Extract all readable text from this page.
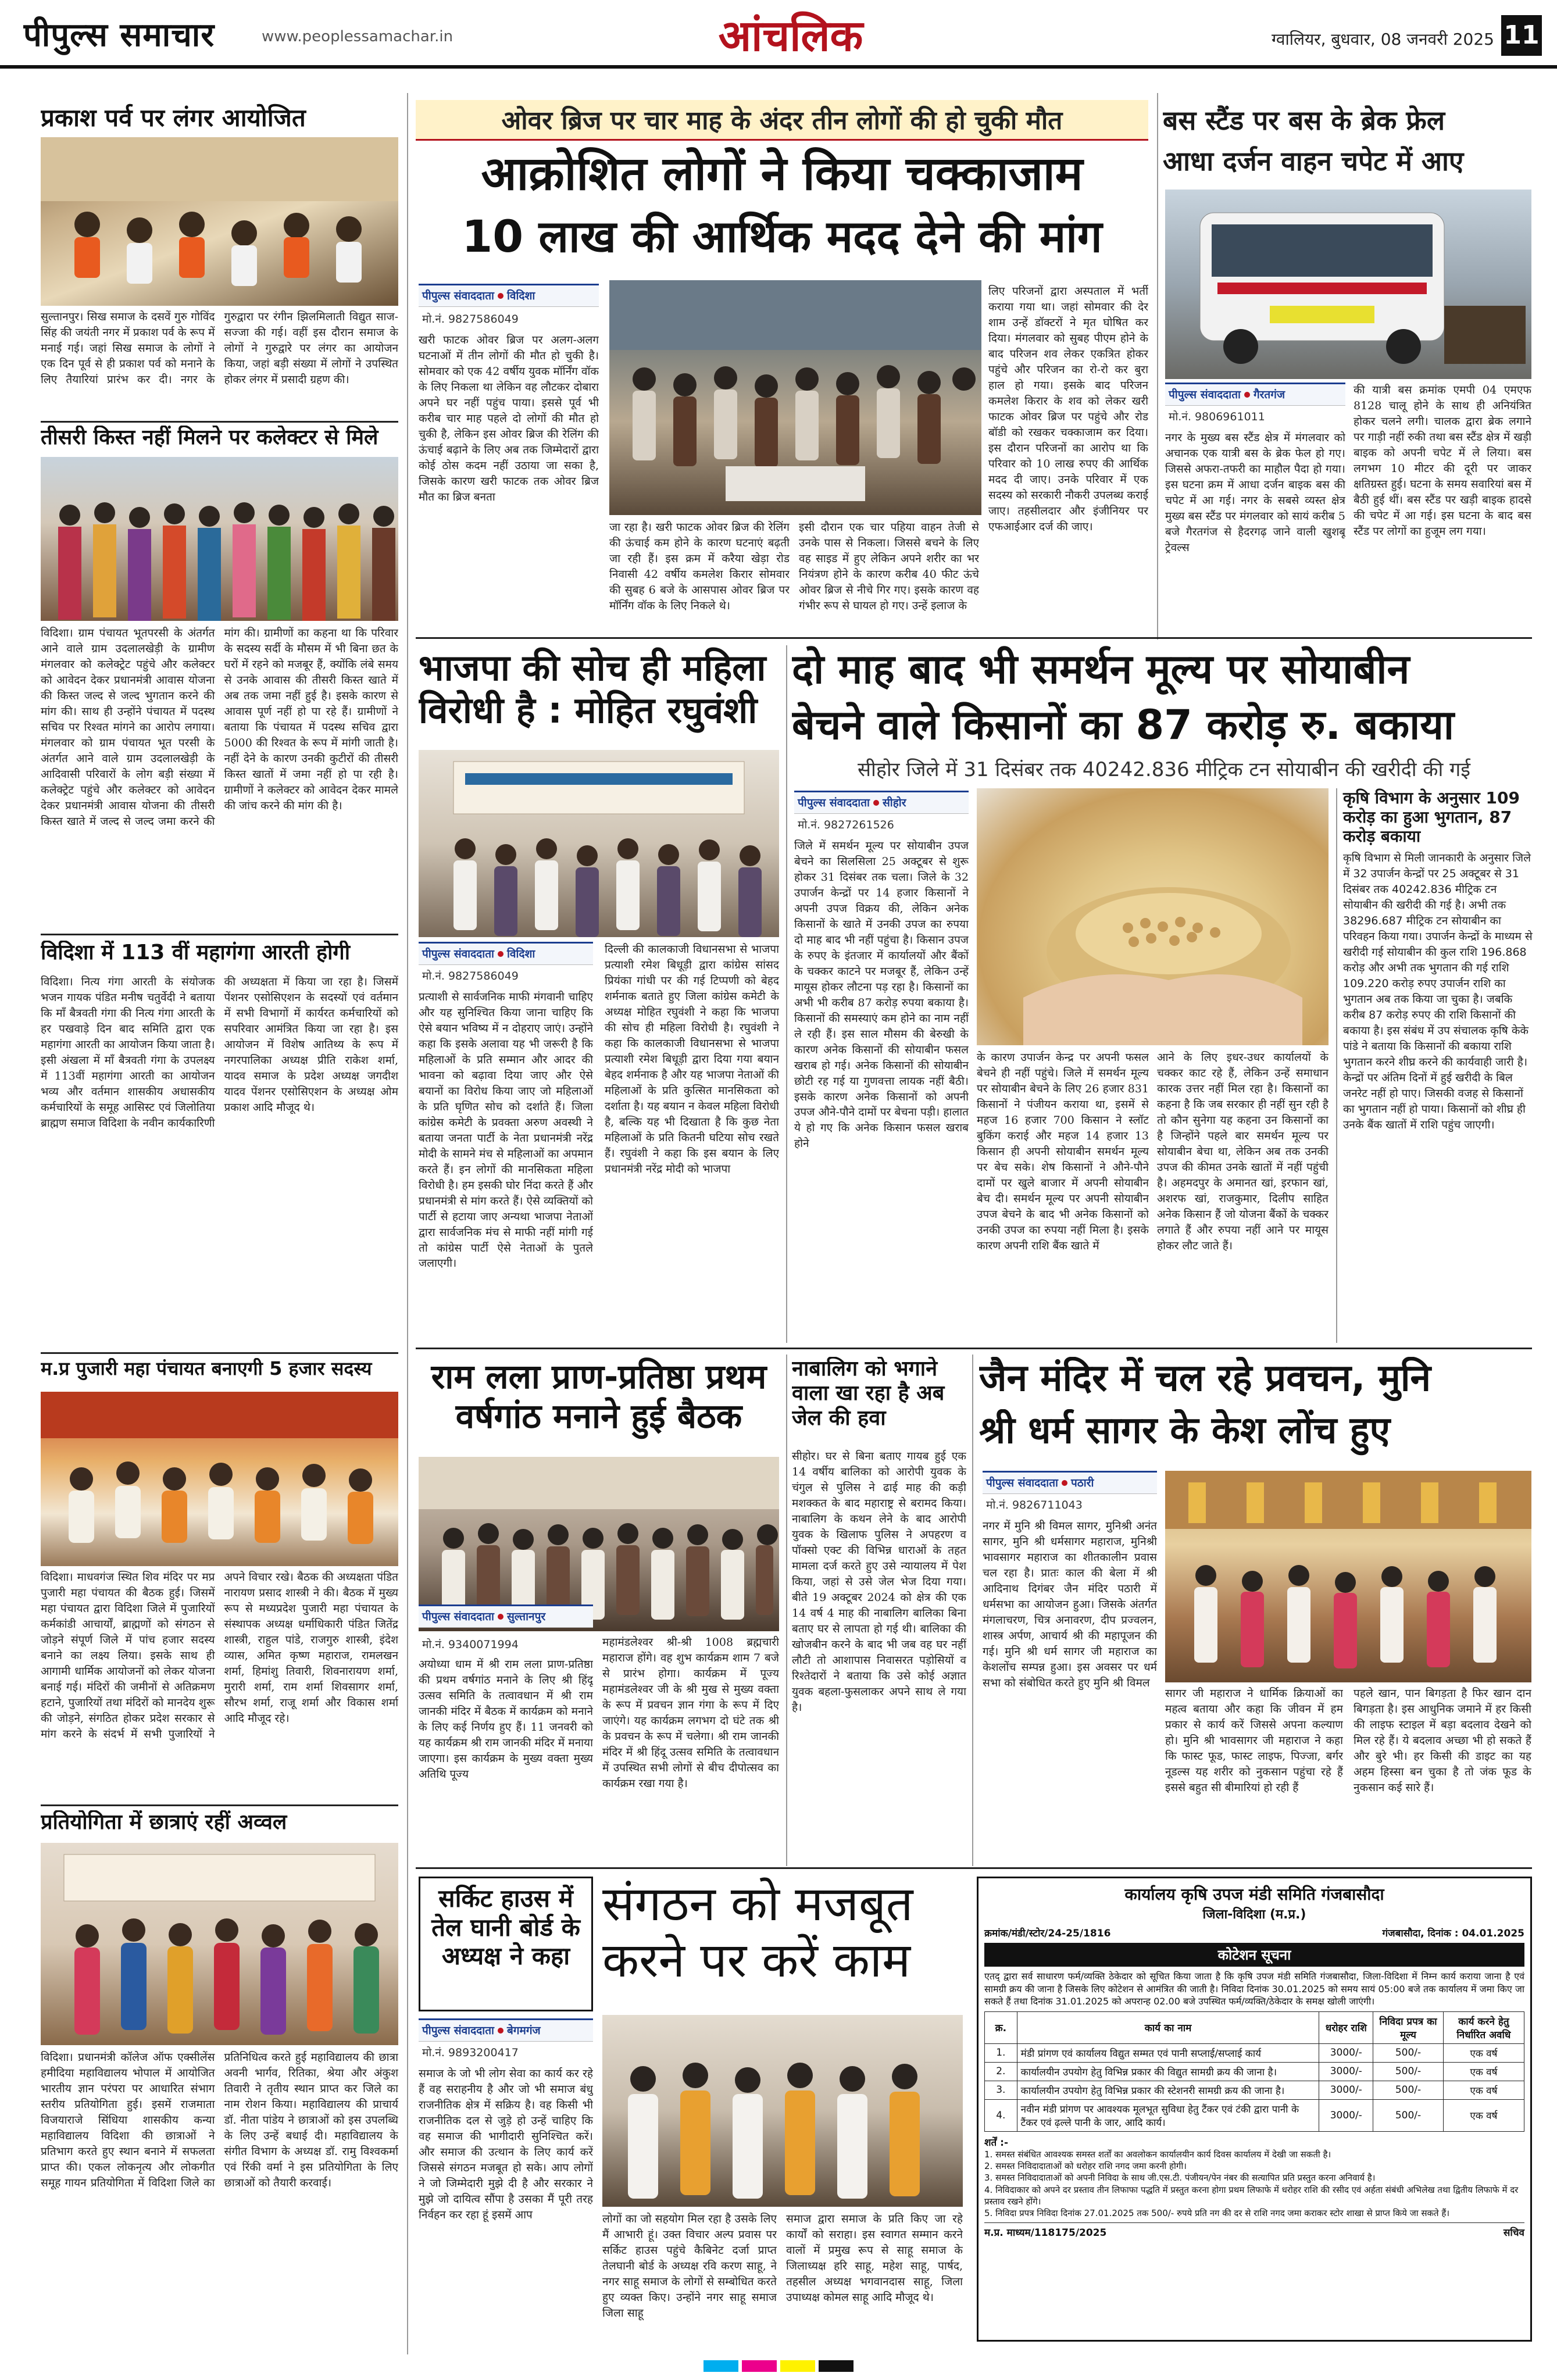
पीपुल्स समाचार	www.peoplessamachar.in	आंचलिक	ग्वालियर, बुधवार, 08 जनवरी 2025 11
प्रकाश पर्व पर लंगर आयोजित
सुल्तानपुर। सिख समाज के दसवें गुरु गोविंद सिंह की जयंती नगर में प्रकाश पर्व के रूप में मनाई गई। जहां सिख समाज के लोगों ने एक दिन पूर्व से ही प्रकाश पर्व को मनाने के लिए तैयारियां प्रारंभ कर दी। नगर के गुरुद्वारा पर रंगीन झिलमिलाती विद्युत साज-सज्जा की गई। वहीं इस दौरान समाज के लोगों ने गुरुद्वारे पर लंगर का आयोजन किया, जहां बड़ी संख्या में लोगों ने उपस्थित होकर लंगर में प्रसादी ग्रहण की।
तीसरी किस्त नहीं मिलने पर कलेक्टर से मिले
विदिशा। ग्राम पंचायत भूतपरसी के अंतर्गत आने वाले ग्राम उदलालखेड़ी के ग्रामीण मंगलवार को कलेक्ट्रेट पहुंचे और कलेक्टर को आवेदन देकर प्रधानमंत्री आवास योजना की किस्त जल्द से जल्द भुगतान करने की मांग की। साथ ही उन्होंने पंचायत में पदस्थ सचिव पर रिश्वत मांगने का आरोप लगाया। मंगलवार को ग्राम पंचायत भूत परसी के अंतर्गत आने वाले ग्राम उदलालखेड़ी के आदिवासी परिवारों के लोग बड़ी संख्या में कलेक्ट्रेट पहुंचे और कलेक्टर को आवेदन देकर प्रधानमंत्री आवास योजना की तीसरी किस्त खाते में जल्द से जल्द जमा करने की मांग की। ग्रामीणों का कहना था कि परिवार के सदस्य सर्दी के मौसम में भी बिना छत के घरों में रहने को मजबूर हैं, क्योंकि लंबे समय से उनके आवास की तीसरी किस्त खाते में अब तक जमा नहीं हुई है। इसके कारण से आवास पूर्ण नहीं हो पा रहे हैं। ग्रामीणों ने बताया कि पंचायत में पदस्थ सचिव द्वारा 5000 की रिश्वत के रूप में मांगी जाती है। नहीं देने के कारण उनकी कुटीरों की तीसरी किस्त खातों में जमा नहीं हो पा रही है। ग्रामीणों ने कलेक्टर को आवेदन देकर मामले की जांच करने की मांग की है।
विदिशा में 113 वीं महागंगा आरती होगी
विदिशा। नित्य गंगा आरती के संयोजक भजन गायक पंडित मनीष चतुर्वेदी ने बताया कि माँ बैत्रवती गंगा की नित्य गंगा आरती के हर पखवाड़े दिन बाद समिति द्वारा एक महागंगा आरती का आयोजन किया जाता है। इसी अंखला में माँ बैत्रवती गंगा के उपलक्ष्य में 113वीं महागंगा आरती का आयोजन भव्य और वर्तमान शासकीय अधासकीय कर्मचारियों के समूह आसिस्ट एवं जिलोतिया ब्राह्मण समाज विदिशा के नवीन कार्यकारिणी की अध्यक्षता में किया जा रहा है। जिसमें पेंशनर एसोसिएशन के सदस्यों एवं वर्तमान में सभी विभागों में कार्यरत कर्मचारियों को सपरिवार आमंत्रित किया जा रहा है। इस आयोजन में विशेष आतिथ्य के रूप में नगरपालिका अध्यक्ष प्रीति राकेश शर्मा, यादव समाज के प्रदेश अध्यक्ष जगदीश यादव पेंशनर एसोसिएशन के अध्यक्ष ओम प्रकाश आदि मौजूद थे।
म.प्र पुजारी महा पंचायत बनाएगी 5 हजार सदस्य
विदिशा। माधवगंज स्थित शिव मंदिर पर मप्र पुजारी महा पंचायत की बैठक हुई। जिसमें महा पंचायत द्वारा विदिशा जिले में पुजारियों कर्मकांडी आचार्यों, ब्राह्मणों को संगठन से जोड़ने संपूर्ण जिले में पांच हजार सदस्य बनाने का लक्ष्य लिया। इसके साथ ही आगामी धार्मिक आयोजनों को लेकर योजना बनाई गई। मंदिरों की जमीनों से अतिक्रमण हटाने, पुजारियों तथा मंदिरों को मानदेय शुरू की जोड़ने, संगठित होकर प्रदेश सरकार से मांग करने के संदर्भ में सभी पुजारियों ने अपने विचार रखे। बैठक की अध्यक्षता पंडित नारायण प्रसाद शास्त्री ने की। बैठक में मुख्य रूप से मध्यप्रदेश पुजारी महा पंचायत के संस्थापक अध्यक्ष धर्माधिकारी पंडित जितेंद्र शास्त्री, राहुल पांडे, राजगुरु शास्त्री, इंदेश व्यास, अमित कृष्ण महाराज, रामलखन शर्मा, हिमांशु तिवारी, शिवनारायण शर्मा, मुरारी शर्मा, राम शर्मा शिवसागर शर्मा, सौरभ शर्मा, राजू शर्मा और विकास शर्मा आदि मौजूद रहे।
प्रतियोगिता में छात्राएं रहीं अव्वल
विदिशा। प्रधानमंत्री कॉलेज ऑफ एक्सीलेंस हमीदिया महाविद्यालय भोपाल में आयोजित भारतीय ज्ञान परंपरा पर आधारित संभाग स्तरीय प्रतियोगिता हुई। इसमें राजमाता विजयाराजे सिंधिया शासकीय कन्या महाविद्यालय विदिशा की छात्राओं ने प्रतिभाग करते हुए स्थान बनाने में सफलता प्राप्त की। एकल लोकनृत्य और लोकगीत समूह गायन प्रतियोगिता में विदिशा जिले का प्रतिनिधित्व करते हुई महाविद्यालय की छात्रा अवनी भार्गव, रितिका, श्रेया और अंकुश तिवारी ने तृतीय स्थान प्राप्त कर जिले का नाम रोशन किया। महाविद्यालय की प्राचार्य डॉ. नीता पांडेय ने छात्राओं को इस उपलब्धि के लिए उन्हें बधाई दी। महाविद्यालय के संगीत विभाग के अध्यक्ष डॉ. रामु विश्वकर्मा एवं रिंकी वर्मा ने इस प्रतियोगिता के लिए छात्राओं को तैयारी करवाई।
ओवर ब्रिज पर चार माह के अंदर तीन लोगों की हो चुकी मौत
आक्रोशित लोगों ने किया चक्काजाम
10 लाख की आर्थिक मदद देने की मांग
पीपुल्स संवाददाता विदिशा
मो.नं. 9827586049
खरी फाटक ओवर ब्रिज पर अलग-अलग घटनाओं में तीन लोगों की मौत हो चुकी है। सोमवार को एक 42 वर्षीय युवक मॉर्निंग वॉक के लिए निकला था लेकिन वह लौटकर दोबारा अपने घर नहीं पहुंच पाया। इससे पूर्व भी करीब चार माह पहले दो लोगों की मौत हो चुकी है, लेकिन इस ओवर ब्रिज की रेलिंग की ऊंचाई बढ़ाने के लिए अब तक जिम्मेदारों द्वारा कोई ठोस कदम नहीं उठाया जा सका है, जिसके कारण खरी फाटक तक ओवर ब्रिज मौत का ब्रिज बनता
जा रहा है। खरी फाटक ओवर ब्रिज की रेलिंग की ऊंचाई कम होने के कारण घटनाएं बढ़ती जा रही हैं। इस क्रम में करैया खेड़ा रोड निवासी 42 वर्षीय कमलेश किरार सोमवार की सुबह 6 बजे के आसपास ओवर ब्रिज पर मॉर्निंग वॉक के लिए निकले थे।
इसी दौरान एक चार पहिया वाहन तेजी से उनके पास से निकला। जिससे बचने के लिए वह साइड में हुए लेकिन अपने शरीर का भर नियंत्रण होने के कारण करीब 40 फीट ऊंचे ओवर ब्रिज से नीचे गिर गए। इसके कारण वह गंभीर रूप से घायल हो गए। उन्हें इलाज के
लिए परिजनों द्वारा अस्पताल में भर्ती कराया गया था। जहां सोमवार की देर शाम उन्हें डॉक्टरों ने मृत घोषित कर दिया। मंगलवार को सुबह पीएम होने के बाद परिजन शव लेकर एकत्रित होकर पहुंचे और परिजन का रो-रो कर बुरा हाल हो गया। इसके बाद परिजन कमलेश किरार के शव को लेकर खरी फाटक ओवर ब्रिज पर पहुंचे और रोड बॉडी को रखकर चक्काजाम कर दिया। इस दौरान परिजनों का आरोप था कि परिवार को 10 लाख रुपए की आर्थिक मदद दी जाए। उनके परिवार में एक सदस्य को सरकारी नौकरी उपलब्ध कराई जाए। तहसीलदार और इंजीनियर पर एफआईआर दर्ज की जाए।
बस स्टैंड पर बस के ब्रेक फ्रेल
आधा दर्जन वाहन चपेट में आए
पीपुल्स संवाददाता गैरतगंज
मो.नं. 9806961011
नगर के मुख्य बस स्टैंड क्षेत्र में मंगलवार को अचानक एक यात्री बस के ब्रेक फेल हो गए। जिससे अफरा-तफरी का माहौल पैदा हो गया। इस घटना क्रम में आधा दर्जन बाइक बस की चपेट में आ गई। नगर के सबसे व्यस्त क्षेत्र मुख्य बस स्टैंड पर मंगलवार को सायं करीब 5 बजे गैरतगंज से हैदरगढ़ जाने वाली खुशबू ट्रेवल्स
की यात्री बस क्रमांक एमपी 04 एमएफ 8128 चालू होने के साथ ही अनियंत्रित होकर चलने लगी। चालक द्वारा ब्रेक लगाने पर गाड़ी नहीं रुकी तथा बस स्टैंड क्षेत्र में खड़ी बाइक को अपनी चपेट में ले लिया। बस लगभग 10 मीटर की दूरी पर जाकर क्षतिग्रस्त हुई। घटना के समय सवारियां बस में बैठी हुई थीं। बस स्टैंड पर खड़ी बाइक हादसे की चपेट में आ गई। इस घटना के बाद बस स्टैंड पर लोगों का हुजूम लग गया।
भाजपा की सोच ही महिला विरोधी है : मोहित रघुवंशी
पीपुल्स संवाददाता विदिशा
मो.नं. 9827586049
दिल्ली की कालकाजी विधानसभा से भाजपा प्रत्याशी रमेश बिधूड़ी द्वारा कांग्रेस सांसद प्रियंका गांधी पर की गई टिप्पणी को बेहद शर्मनाक बताते हुए जिला कांग्रेस कमेटी के अध्यक्ष मोहित रघुवंशी ने कहा कि भाजपा की सोच ही महिला विरोधी है। रघुवंशी ने कहा कि कालकाजी विधानसभा से भाजपा प्रत्याशी रमेश बिधूड़ी द्वारा दिया गया बयान बेहद शर्मनाक है और यह भाजपा नेताओं की महिलाओं के प्रति कुत्सित मानसिकता को दर्शाता है। यह बयान न केवल महिला विरोधी है, बल्कि यह भी दिखाता है कि कुछ नेता महिलाओं के प्रति कितनी घटिया सोच रखते हैं। रघुवंशी ने कहा कि इस बयान के लिए प्रधानमंत्री नरेंद्र मोदी को भाजपा
प्रत्याशी से सार्वजनिक माफी मंगवानी चाहिए और यह सुनिश्चित किया जाना चाहिए कि ऐसे बयान भविष्य में न दोहराए जाएं। उन्होंने कहा कि इसके अलावा यह भी जरूरी है कि महिलाओं के प्रति सम्मान और आदर की भावना को बढ़ावा दिया जाए और ऐसे बयानों का विरोध किया जाए जो महिलाओं के प्रति घृणित सोच को दर्शाते हैं। जिला कांग्रेस कमेटी के प्रवक्ता अरुण अवस्थी ने बताया जनता पार्टी के नेता प्रधानमंत्री नरेंद्र मोदी के सामने मंच से महिलाओं का अपमान करते हैं। इन लोगों की मानसिकता महिला विरोधी है। हम इसकी घोर निंदा करते हैं और प्रधानमंत्री से मांग करते हैं। ऐसे व्यक्तियों को पार्टी से हटाया जाए अन्यथा भाजपा नेताओं द्वारा सार्वजनिक मंच से माफी नहीं मांगी गई तो कांग्रेस पार्टी ऐसे नेताओं के पुतले जलाएगी।
दो माह बाद भी समर्थन मूल्य पर सोयाबीन
बेचने वाले किसानों का 87 करोड़ रु. बकाया
सीहोर जिले में 31 दिसंबर तक 40242.836 मीट्रिक टन सोयाबीन की खरीदी की गई
पीपुल्स संवाददाता सीहोर
मो.नं. 9827261526
जिले में समर्थन मूल्य पर सोयाबीन उपज बेचने का सिलसिला 25 अक्टूबर से शुरू होकर 31 दिसंबर तक चला। जिले के 32 उपार्जन केन्द्रों पर 14 हजार किसानों ने अपनी उपज विक्रय की, लेकिन अनेक किसानों के खाते में उनकी उपज का रुपया दो माह बाद भी नहीं पहुंचा है। किसान उपज के रुपए के इंतजार में कार्यालयों और बैंकों के चक्कर काटने पर मजबूर हैं, लेकिन उन्हें मायूस होकर लौटना पड़ रहा है। किसानों का अभी भी करीब 87 करोड़ रुपया बकाया है। किसानों की समस्याएं कम होने का नाम नहीं ले रही हैं। इस साल मौसम की बेरुखी के कारण अनेक किसानों की सोयाबीन फसल खराब हो गई। अनेक किसानों की सोयाबीन छोटी रह गई या गुणवत्ता लायक नहीं बैठी। इसके कारण अनेक किसानों को अपनी उपज औने-पौने दामों पर बेचना पड़ी। हालात ये हो गए कि अनेक किसान फसल खराब होने
के कारण उपार्जन केन्द्र पर अपनी फसल बेचने ही नहीं पहुंचे। जिले में समर्थन मूल्य पर सोयाबीन बेचने के लिए 26 हजार 831 किसानों ने पंजीयन कराया था, इसमें से महज 16 हजार 700 किसान ने स्लॉट बुकिंग कराई और महज 14 हजार 13 किसान ही अपनी सोयाबीन समर्थन मूल्य पर बेच सके। शेष किसानों ने औने-पौने दामों पर खुले बाजार में अपनी सोयाबीन बेच दी। समर्थन मूल्य पर अपनी सोयाबीन उपज बेचने के बाद भी अनेक किसानों को उनकी उपज का रुपया नहीं मिला है। इसके कारण अपनी राशि बैंक खाते में
आने के लिए इधर-उधर कार्यालयों के चक्कर काट रहे हैं, लेकिन उन्हें समाधान कारक उत्तर नहीं मिल रहा है। किसानों का कहना है कि जब सरकार ही नहीं सुन रही है तो कौन सुनेगा यह कहना उन किसानों का है जिन्होंने पहले बार समर्थन मूल्य पर सोयाबीन बेचा था, लेकिन अब तक उनकी उपज की कीमत उनके खातों में नहीं पहुंची है। अहमदपुर के अमानत खां, इरफान खां, अशरफ खां, राजकुमार, दिलीप साहित अनेक किसान हैं जो योजना बैंकों के चक्कर लगाते हैं और रुपया नहीं आने पर मायूस होकर लौट जाते हैं।
कृषि विभाग के अनुसार 109 करोड़ का हुआ भुगतान, 87 करोड़ बकाया
कृषि विभाग से मिली जानकारी के अनुसार जिले में 32 उपार्जन केन्द्रों पर 25 अक्टूबर से 31 दिसंबर तक 40242.836 मीट्रिक टन सोयाबीन की खरीदी की गई है। अभी तक 38296.687 मीट्रिक टन सोयाबीन का परिवहन किया गया। उपार्जन केन्द्रों के माध्यम से खरीदी गई सोयाबीन की कुल राशि 196.868 करोड़ और अभी तक भुगतान की गई राशि 109.220 करोड़ रुपए उपार्जन राशि का भुगतान अब तक किया जा चुका है। जबकि करीब 87 करोड़ रुपए की राशि किसानों की बकाया है। इस संबंध में उप संचालक कृषि केके पांडे ने बताया कि किसानों की बकाया राशि भुगतान करने शीघ्र करने की कार्यवाही जारी है। केन्द्रों पर अंतिम दिनों में हुई खरीदी के बिल जनरेट नहीं हो पाए। जिसकी वजह से किसानों का भुगतान नहीं हो पाया। किसानों को शीघ्र ही उनके बैंक खातों में राशि पहुंच जाएगी।
राम लला प्राण-प्रतिष्ठा प्रथम वर्षगांठ मनाने हुई बैठक
पीपुल्स संवाददाता सुल्तानपुर
मो.नं. 9340071994
अयोध्या धाम में श्री राम लला प्राण-प्रतिष्ठा की प्रथम वर्षगांठ मनाने के लिए श्री हिंदू उत्सव समिति के तत्वावधान में श्री राम जानकी मंदिर में बैठक में कार्यक्रम को मनाने के लिए कई निर्णय हुए हैं। 11 जनवरी को यह कार्यक्रम श्री राम जानकी मंदिर में मनाया जाएगा। इस कार्यक्रम के मुख्य वक्ता मुख्य अतिथि पूज्य
महामंडलेश्वर श्री-श्री 1008 ब्रह्मचारी महाराज होंगे। वह शुभ कार्यक्रम शाम 7 बजे से प्रारंभ होगा। कार्यक्रम में पूज्य महामंडलेश्वर जी के श्री मुख से मुख्य वक्ता के रूप में प्रवचन ज्ञान गंगा के रूप में दिए जाएंगे। यह कार्यक्रम लगभग दो घंटे तक श्री के प्रवचन के रूप में चलेगा। श्री राम जानकी मंदिर में श्री हिंदू उत्सव समिति के तत्वावधान में उपस्थित सभी लोगों से बीच दीपोत्सव का कार्यक्रम रखा गया है।
नाबालिग को भगाने वाला खा रहा है अब जेल की हवा
सीहोर। घर से बिना बताए गायब हुई एक 14 वर्षीय बालिका को आरोपी युवक के चंगुल से पुलिस ने ढाई माह की कड़ी मशक्कत के बाद महाराष्ट्र से बरामद किया। नाबालिग के कथन लेने के बाद आरोपी युवक के खिलाफ पुलिस ने अपहरण व पॉक्सो एक्ट की विभिन्न धाराओं के तहत मामला दर्ज करते हुए उसे न्यायालय में पेश किया, जहां से उसे जेल भेज दिया गया। बीते 19 अक्टूबर 2024 को क्षेत्र की एक 14 वर्ष 4 माह की नाबालिग बालिका बिना बताए घर से लापता हो गई थी। बालिका की खोजबीन करने के बाद भी जब वह घर नहीं लौटी तो आशापास निवासरत पड़ोसियों व रिश्तेदारों ने बताया कि उसे कोई अज्ञात युवक बहला-फुसलाकर अपने साथ ले गया है।
जैन मंदिर में चल रहे प्रवचन, मुनि
श्री धर्म सागर के केश लोंच हुए
पीपुल्स संवाददाता पठारी
मो.नं. 9826711043
नगर में मुनि श्री विमल सागर, मुनिश्री अनंत सागर, मुनि श्री धर्मसागर महाराज, मुनिश्री भावसागर महाराज का शीतकालीन प्रवास चल रहा है। प्रातः काल की बेला में श्री आदिनाथ दिगंबर जैन मंदिर पठारी में धर्मसभा का आयोजन हुआ। जिसके अंतर्गत मंगलाचरण, चित्र अनावरण, दीप प्रज्वलन, शास्त्र अर्पण, आचार्य श्री की महापूजन की गई। मुनि श्री धर्म सागर जी महाराज का केशलोंच सम्पन्न हुआ। इस अवसर पर धर्म सभा को संबोधित करते हुए मुनि श्री विमल
सागर जी महाराज ने धार्मिक क्रियाओं का महत्व बताया और कहा कि जीवन में हम प्रकार से कार्य करें जिससे अपना कल्याण हो। मुनि श्री भावसागर जी महाराज ने कहा कि फास्ट फूड, फास्ट लाइफ, पिज्जा, बर्गर नूडल्स यह शरीर को नुकसान पहुंचा रहे हैं इससे बहुत सी बीमारियां हो रही हैं
पहले खान, पान बिगड़ता है फिर खान दान बिगड़ता है। इस आधुनिक जमाने में हर किसी की लाइफ स्टाइल में बड़ा बदलाव देखने को मिल रहे हैं। ये बदलाव अच्छा भी हो सकते हैं और बुरे भी। हर किसी की डाइट का यह अहम हिस्सा बन चुका है तो जंक फूड के नुकसान कई सारे हैं।
सर्किट हाउस में तेल घानी बोर्ड के अध्यक्ष ने कहा
पीपुल्स संवाददाता बेगमगंज
मो.नं. 9893200417
समाज के जो भी लोग सेवा का कार्य कर रहे हैं वह सराहनीय है और जो भी समाज बंधु राजनीतिक क्षेत्र में सक्रिय है। वह किसी भी राजनीतिक दल से जुड़े हो उन्हें चाहिए कि वह समाज की भागीदारी सुनिश्चित करें। और समाज की उत्थान के लिए कार्य करें जिससे संगठन मजबूत हो सके। आप लोगों ने जो जिम्मेदारी मुझे दी है और सरकार ने मुझे जो दायित्व सौंपा है उसका मैं पूरी तरह निर्वहन कर रहा हूं इसमें आप
संगठन को मजबूत करने पर करें काम
लोगों का जो सहयोग मिल रहा है उसके लिए मैं आभारी हूं। उक्त विचार अल्प प्रवास पर सर्किट हाउस पहुंचे कैबिनेट दर्जा प्राप्त तेलघानी बोर्ड के अध्यक्ष रवि करण साहू, ने नगर साहू समाज के लोगों से सम्बोधित करते हुए व्यक्त किए। उन्होंने नगर साहू समाज जिला साहू
समाज द्वारा समाज के प्रति किए जा रहे कार्यों को सराहा। इस स्वागत सम्मान करने वालों में प्रमुख रूप से साहू समाज के जिलाध्यक्ष हरि साहू, महेश साहू, पार्षद, तहसील अध्यक्ष भगवानदास साहू, जिला उपाध्यक्ष कोमल साहू आदि मौजूद थे।
कार्यालय कृषि उपज मंडी समिति गंजबासौदा
जिला-विदिशा (म.प्र.)
क्रमांक/मंडी/स्टोर/24-25/1816	गंजबासौदा, दिनांक : 04.01.2025
कोटेशन सूचना
एतद् द्वारा सर्व साधारण फर्म/व्यक्ति ठेकेदार को सूचित किया जाता है कि कृषि उपज मंडी समिति गंजबासौदा, जिला-विदिशा में निम्न कार्य कराया जाना है एवं सामग्री क्रय की जाना है जिसके लिए कोटेशन से आमंत्रित की जाती है। निविदा दिनांक 30.01.2025 को समय सायं 05:00 बजे तक कार्यालय में जमा किए जा सकते हैं तथा दिनांक 31.01.2025 को अपरान्ह 02.00 बजे उपस्थित फर्म/व्यक्ति/ठेकेदार के समक्ष खोली जाएंगी।
क्र.	कार्य का नाम	धरोहर राशि	निविदा प्रपत्र का मूल्य	कार्य करने हेतु निर्धारित अवधि
1.	मंडी प्रांगण एवं कार्यालय विद्युत सम्मत एवं पानी सप्लाई/सप्लाई कार्य	3000/-	500/-	एक वर्ष
2.	कार्यालयीन उपयोग हेतु विभिन्न प्रकार की विद्युत सामग्री क्रय की जाना है।	3000/-	500/-	एक वर्ष
3.	कार्यालयीन उपयोग हेतु विभिन्न प्रकार की स्टेशनरी सामग्री क्रय की जाना है।	3000/-	500/-	एक वर्ष
4.	नवीन मंडी प्रांगण पर आवश्यक मूलभूत सुविधा हेतु टैंकर एवं टंकी द्वारा पानी के टैंकर एवं ढ़ल्ले पानी के जार, आदि कार्य।	3000/-	500/-	एक वर्ष
शर्तें :-
1. समस्त संबंधित आवश्यक समस्त शर्तों का अवलोकन कार्यालयीन कार्य दिवस कार्यालय में देखी जा सकती है।
2. समस्त निविदादाताओं को धरोहर राशि नगद जमा करनी होगी।
3. समस्त निविदादाताओं को अपनी निविदा के साथ जी.एस.टी. पंजीयन/पेन नंबर की सत्यापित प्रति प्रस्तुत करना अनिवार्य है।
4. निविदाकार को अपने दर प्रस्ताव तीन लिफाफा पद्धति में प्रस्तुत करना होगा प्रथम लिफाफे में धरोहर राशि की रसीद एवं अर्हता संबंधी अभिलेख तथा द्वितीय लिफाफे में दर प्रस्ताव रखने होंगे।
5. निविदा प्रपत्र निविदा दिनांक 27.01.2025 तक 500/- रुपये प्रति नग की दर से राशि नगद जमा कराकर स्टोर शाखा से प्राप्त किये जा सकते हैं।
म.प्र. माध्यम/118175/2025	सचिव
